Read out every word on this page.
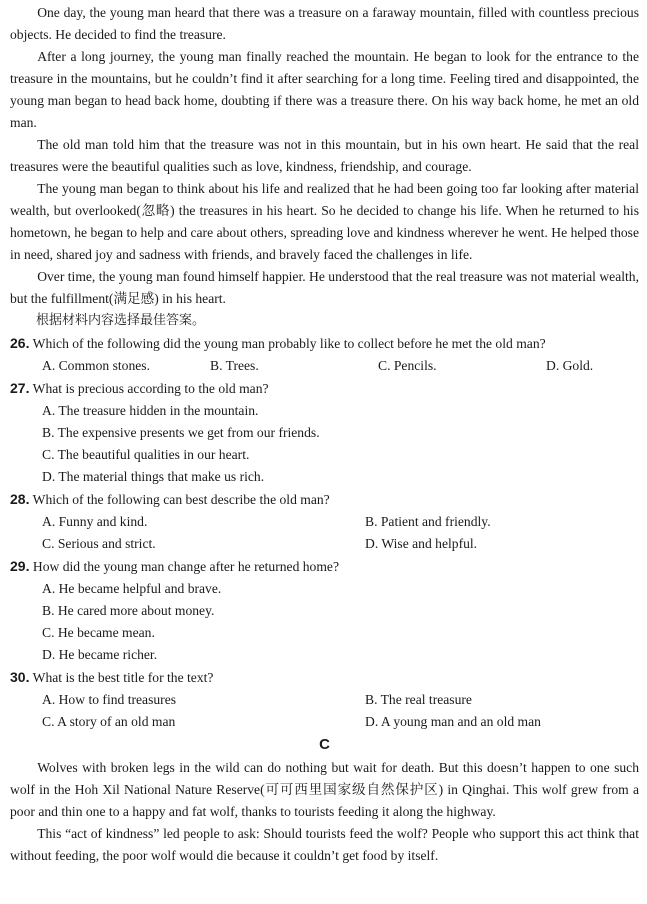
One day, the young man heard that there was a treasure on a faraway mountain, filled with countless precious objects. He decided to find the treasure.

After a long journey, the young man finally reached the mountain. He began to look for the entrance to the treasure in the mountains, but he couldn’t find it after searching for a long time. Feeling tired and disappointed, the young man began to head back home, doubting if there was a treasure there. On his way back home, he met an old man.

The old man told him that the treasure was not in this mountain, but in his own heart. He said that the real treasures were the beautiful qualities such as love, kindness, friendship, and courage.

The young man began to think about his life and realized that he had been going too far looking after material wealth, but overlooked(忽略) the treasures in his heart. So he decided to change his life. When he returned to his hometown, he began to help and care about others, spreading love and kindness wherever he went. He helped those in need, shared joy and sadness with friends, and bravely faced the challenges in life.

Over time, the young man found himself happier. He understood that the real treasure was not material wealth, but the fulfillment(满足感) in his heart.

根据材料内容选择最佳答案。

26. Which of the following did the young man probably like to collect before he met the old man?

A. Common stones.	B. Trees.	C. Pencils.	D. Gold.

27. What is precious according to the old man?

A. The treasure hidden in the mountain.
B. The expensive presents we get from our friends.
C. The beautiful qualities in our heart.
D. The material things that make us rich.

28. Which of the following can best describe the old man?

A. Funny and kind.	B. Patient and friendly.
C. Serious and strict.	D. Wise and helpful.

29. How did the young man change after he returned home?

A. He became helpful and brave.
B. He cared more about money.
C. He became mean.
D. He became richer.

30. What is the best title for the text?

A. How to find treasures	B. The real treasure
C. A story of an old man	D. A young man and an old man

C

Wolves with broken legs in the wild can do nothing but wait for death. But this doesn’t happen to one such wolf in the Hoh Xil National Nature Reserve(可可西里国家级自然保护区) in Qinghai. This wolf grew from a poor and thin one to a happy and fat wolf, thanks to tourists feeding it along the highway.

This “act of kindness” led people to ask: Should tourists feed the wolf? People who support this act think that without feeding, the poor wolf would die because it couldn’t get food by itself.
